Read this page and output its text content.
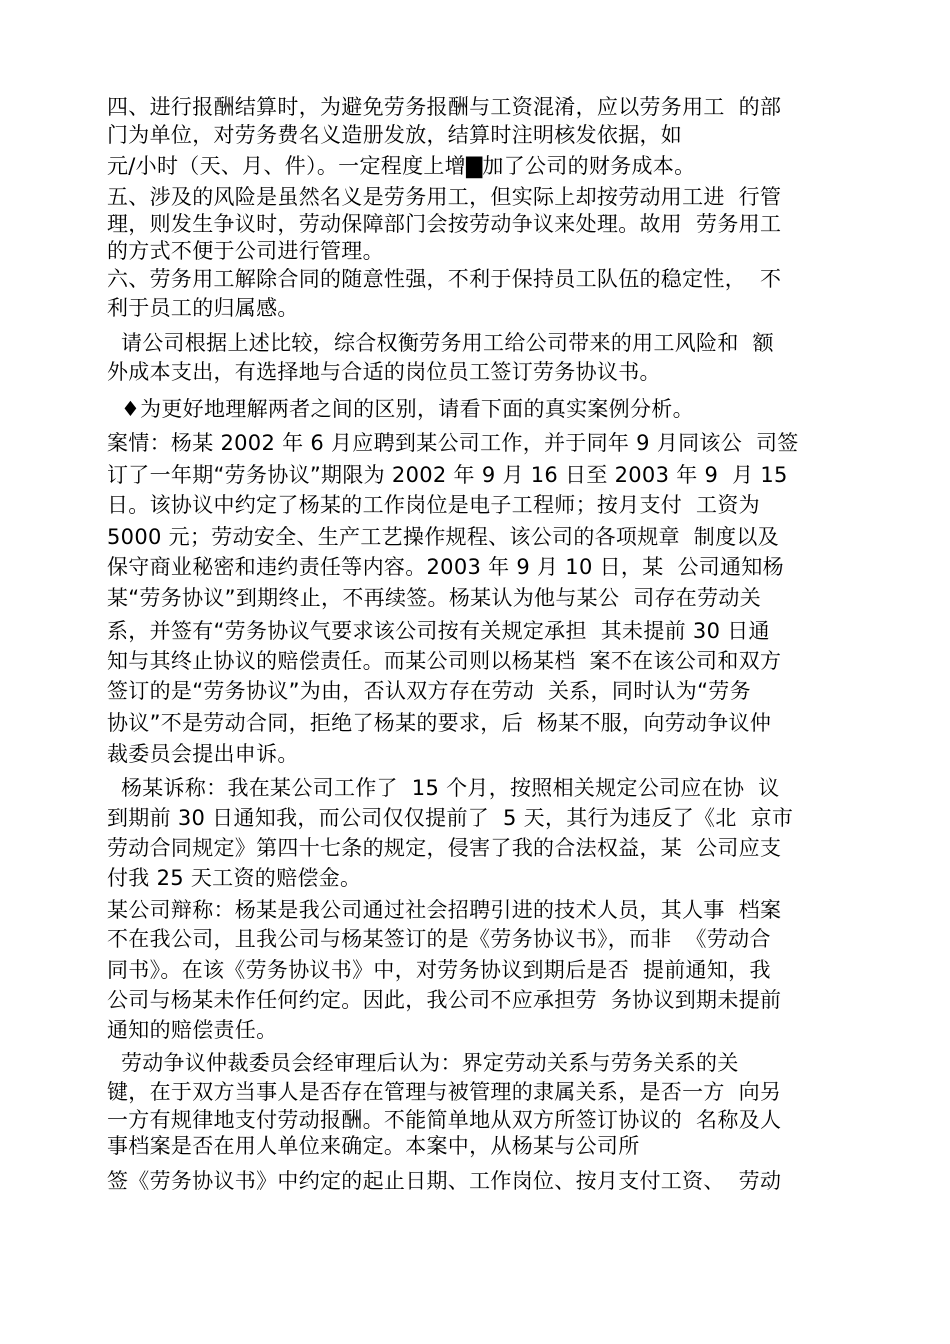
四、进行报酬结算时，为避免劳务报酬与工资混淆，应以劳务用工  的部
门为单位，对劳务费名义造册发放，结算时注明核发依据，如
元/小时（天、月、件）。一定程度上增▇加了公司的财务成本。
五、涉及的风险是虽然名义是劳务用工，但实际上却按劳动用工进  行管
理，则发生争议时，劳动保障部门会按劳动争议来处理。故用  劳务用工
的方式不便于公司进行管理。
六、劳务用工解除合同的随意性强，不利于保持员工队伍的稳定性，  不
利于员工的归属感。
请公司根据上述比较，综合权衡劳务用工给公司带来的用工风险和  额
外成本支出，有选择地与合适的岗位员工签订劳务协议书。
♦为更好地理解两者之间的区别，请看下面的真实案例分析。
案情：杨某 2002 年 6 月应聘到某公司工作，并于同年 9 月同该公  司签
订了一年期“劳务协议”期限为 2002 年 9 月 16 日至 2003 年 9  月 15
日。该协议中约定了杨某的工作岗位是电子工程师；按月支付  工资为
5000 元；劳动安全、生产工艺操作规程、该公司的各项规章  制度以及
保守商业秘密和违约责任等内容。2003 年 9 月 10 日，某  公司通知杨
某“劳务协议”到期终止，不再续签。杨某认为他与某公  司存在劳动关
系，并签有“劳务协议气要求该公司按有关规定承担  其未提前 30 日通
知与其终止协议的赔偿责任。而某公司则以杨某档  案不在该公司和双方
签订的是“劳务协议”为由，否认双方存在劳动  关系，同时认为“劳务
协议”不是劳动合同，拒绝了杨某的要求，后  杨某不服，向劳动争议仲
裁委员会提出申诉。
杨某诉称：我在某公司工作了  15 个月，按照相关规定公司应在协  议
到期前 30 日通知我，而公司仅仅提前了  5 天，其行为违反了《北  京市
劳动合同规定》第四十七条的规定，侵害了我的合法权益，某  公司应支
付我 25 天工资的赔偿金。
某公司辩称：杨某是我公司通过社会招聘引进的技术人员，其人事  档案
不在我公司，且我公司与杨某签订的是《劳务协议书》，而非  《劳动合
同书》。在该《劳务协议书》中，对劳务协议到期后是否  提前通知，我
公司与杨某未作任何约定。因此，我公司不应承担劳  务协议到期未提前
通知的赔偿责任。
劳动争议仲裁委员会经审理后认为：界定劳动关系与劳务关系的关
键，在于双方当事人是否存在管理与被管理的隶属关系，是否一方  向另
一方有规律地支付劳动报酬。不能简单地从双方所签订协议的  名称及人
事档案是否在用人单位来确定。本案中，从杨某与公司所
签《劳务协议书》中约定的起止日期、工作岗位、按月支付工资、  劳动
